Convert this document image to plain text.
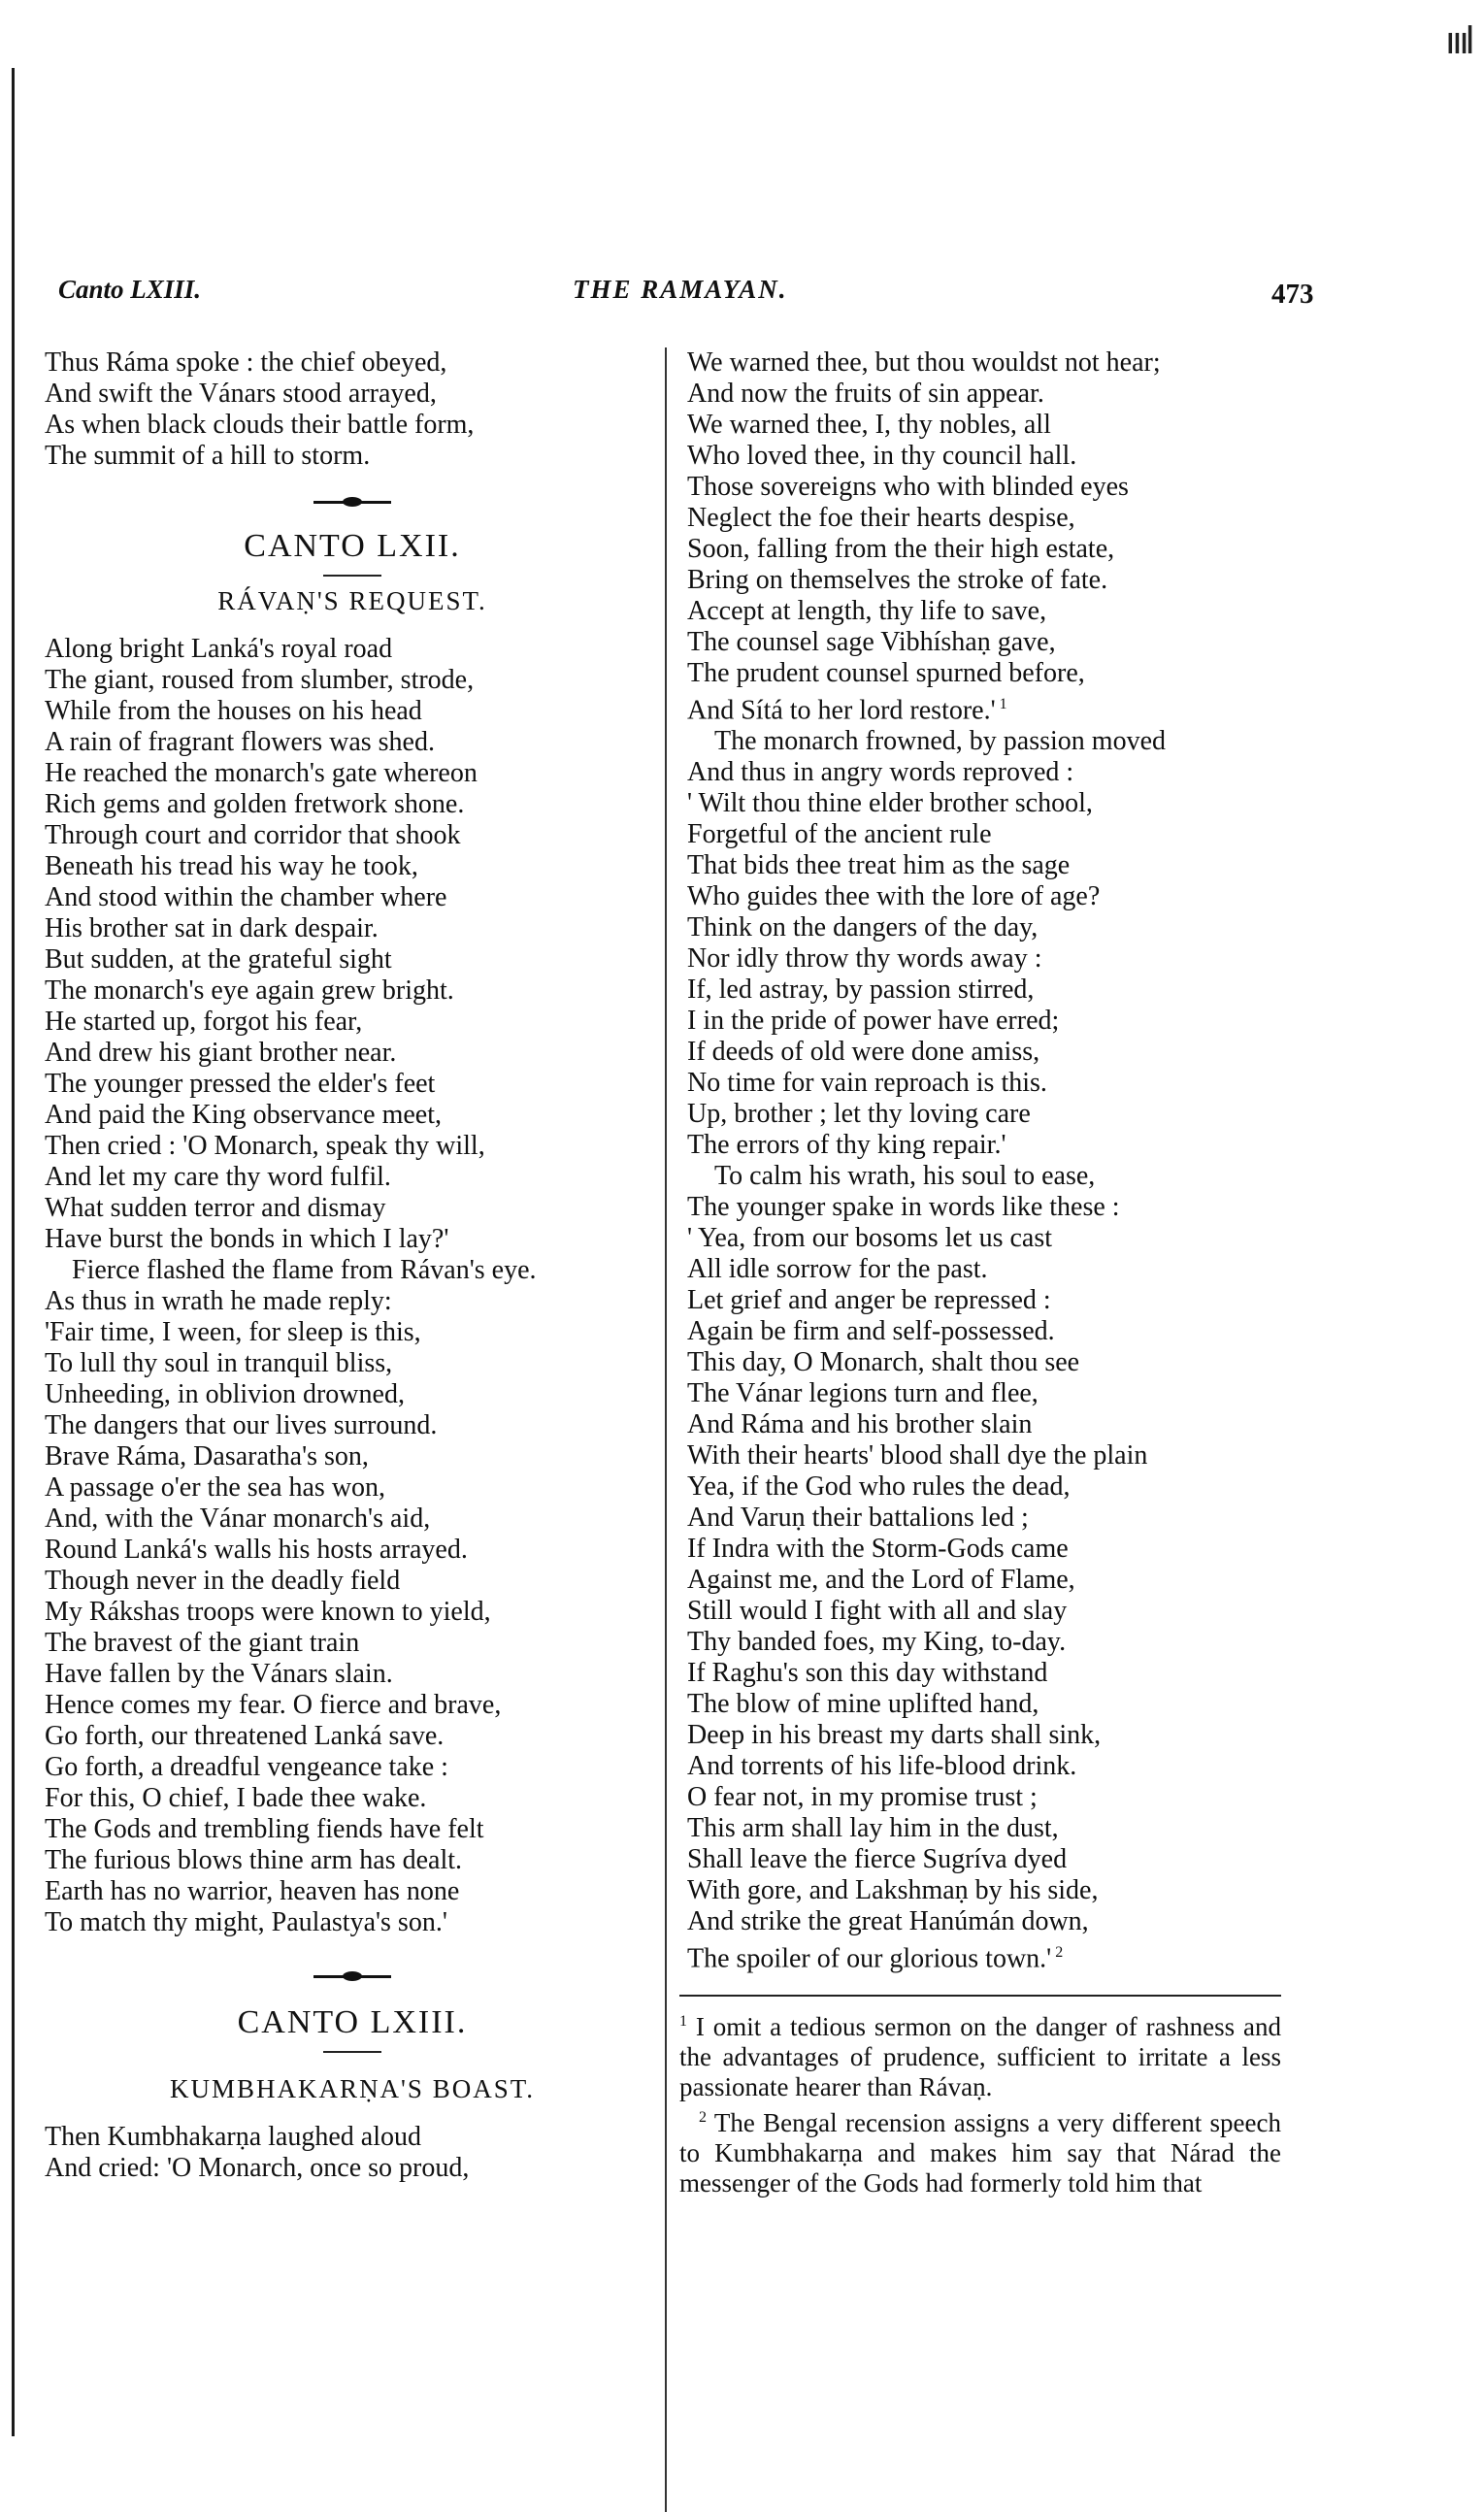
ıııl
Canto LXIII.	THE RAMAYAN.	473
Thus Ráma spoke : the chief obeyed,
And swift the Vánars stood arrayed,
As when black clouds their battle form,
The summit of a hill to storm.
CANTO LXII.
RÁVAṆ'S REQUEST.
Along bright Lanká's royal road
The giant, roused from slumber, strode,
While from the houses on his head
A rain of fragrant flowers was shed.
He reached the monarch's gate whereon
Rich gems and golden fretwork shone.
Through court and corridor that shook
Beneath his tread his way he took,
And stood within the chamber where
His brother sat in dark despair.
But sudden, at the grateful sight
The monarch's eye again grew bright.
He started up, forgot his fear,
And drew his giant brother near.
The younger pressed the elder's feet
And paid the King observance meet,
Then cried : 'O Monarch, speak thy will,
And let my care thy word fulfil.
What sudden terror and dismay
Have burst the bonds in which I lay?'
Fierce flashed the flame from Rávan's eye.
As thus in wrath he made reply:
'Fair time, I ween, for sleep is this,
To lull thy soul in tranquil bliss,
Unheeding, in oblivion drowned,
The dangers that our lives surround.
Brave Ráma, Dasaratha's son,
A passage o'er the sea has won,
And, with the Vánar monarch's aid,
Round Lanká's walls his hosts arrayed.
Though never in the deadly field
My Rákshas troops were known to yield,
The bravest of the giant train
Have fallen by the Vánars slain.
Hence comes my fear. O fierce and brave,
Go forth, our threatened Lanká save.
Go forth, a dreadful vengeance take :
For this, O chief, I bade thee wake.
The Gods and trembling fiends have felt
The furious blows thine arm has dealt.
Earth has no warrior, heaven has none
To match thy might, Paulastya's son.'
CANTO LXIII.
KUMBHAKARṆA'S BOAST.
Then Kumbhakarṇa laughed aloud
And cried: 'O Monarch, once so proud,
We warned thee, but thou wouldst not hear;
And now the fruits of sin appear.
We warned thee, I, thy nobles, all
Who loved thee, in thy council hall.
Those sovereigns who with blinded eyes
Neglect the foe their hearts despise,
Soon, falling from the their high estate,
Bring on themselves the stroke of fate.
Accept at length, thy life to save,
The counsel sage Vibhíshaṇ gave,
The prudent counsel spurned before,
And Sítá to her lord restore.' $^1$
The monarch frowned, by passion moved
And thus in angry words reproved :
' Wilt thou thine elder brother school,
Forgetful of the ancient rule
That bids thee treat him as the sage
Who guides thee with the lore of age?
Think on the dangers of the day,
Nor idly throw thy words away :
If, led astray, by passion stirred,
I in the pride of power have erred;
If deeds of old were done amiss,
No time for vain reproach is this.
Up, brother ; let thy loving care
The errors of thy king repair.'
To calm his wrath, his soul to ease,
The younger spake in words like these :
' Yea, from our bosoms let us cast
All idle sorrow for the past.
Let grief and anger be repressed :
Again be firm and self-possessed.
This day, O Monarch, shalt thou see
The Vánar legions turn and flee,
And Ráma and his brother slain
With their hearts' blood shall dye the plain
Yea, if the God who rules the dead,
And Varuṇ their battalions led ;
If Indra with the Storm-Gods came
Against me, and the Lord of Flame,
Still would I fight with all and slay
Thy banded foes, my King, to-day.
If Raghu's son this day withstand
The blow of mine uplifted hand,
Deep in his breast my darts shall sink,
And torrents of his life-blood drink.
O fear not, in my promise trust ;
This arm shall lay him in the dust,
Shall leave the fierce Sugríva dyed
With gore, and Lakshmaṇ by his side,
And strike the great Hanúmán down,
The spoiler of our glorious town.' $^2$
$^1$ I omit a tedious sermon on the danger of rashness and the advantages of prudence, sufficient to irritate a less passionate hearer than Rávaṇ.
$^2$ The Bengal recension assigns a very different speech to Kumbhakarṇa and makes him say that Nárad the messenger of the Gods had formerly told him that
